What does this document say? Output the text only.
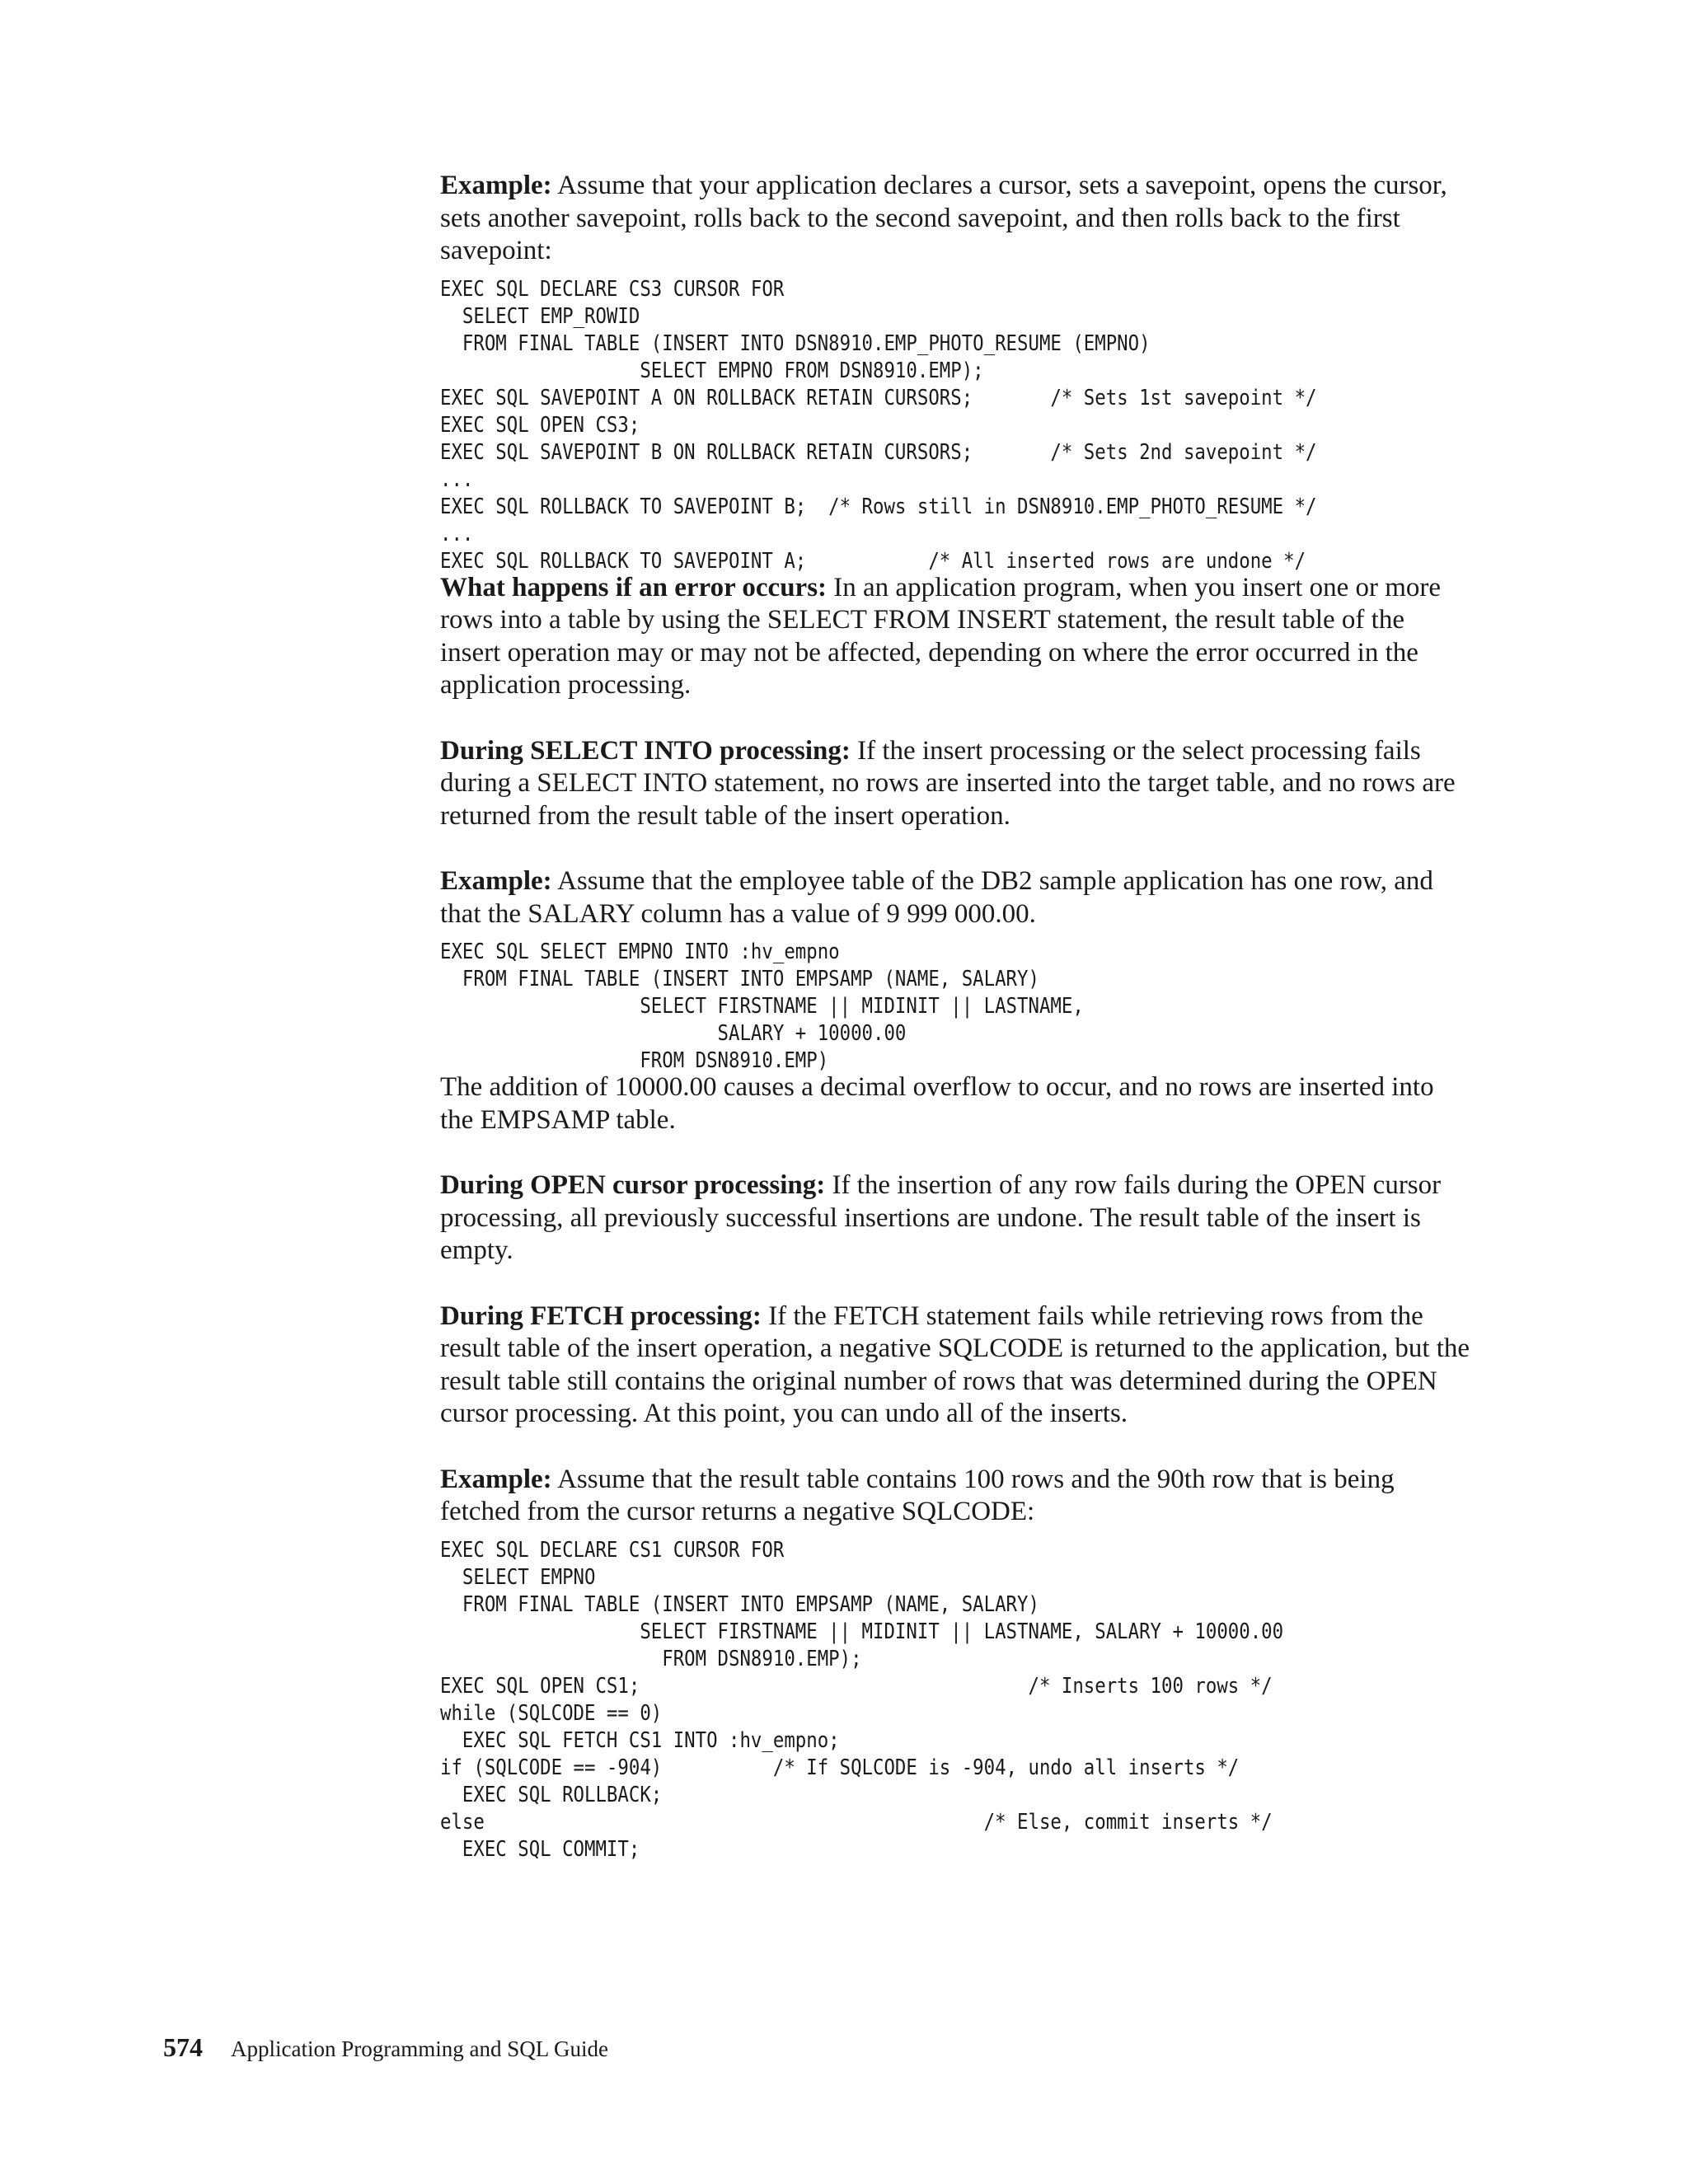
Example: Assume that your application declares a cursor, sets a savepoint, opens the cursor, sets another savepoint, rolls back to the second savepoint, and then rolls back to the first savepoint:

EXEC SQL DECLARE CS3 CURSOR FOR
SELECT EMP_ROWID
FROM FINAL TABLE (INSERT INTO DSN8910.EMP_PHOTO_RESUME (EMPNO)
SELECT EMPNO FROM DSN8910.EMP);
EXEC SQL SAVEPOINT A ON ROLLBACK RETAIN CURSORS;       /* Sets 1st savepoint */
EXEC SQL OPEN CS3;
EXEC SQL SAVEPOINT B ON ROLLBACK RETAIN CURSORS;       /* Sets 2nd savepoint */
...
EXEC SQL ROLLBACK TO SAVEPOINT B;  /* Rows still in DSN8910.EMP_PHOTO_RESUME */
...
EXEC SQL ROLLBACK TO SAVEPOINT A;           /* All inserted rows are undone */

What happens if an error occurs: In an application program, when you insert one or more rows into a table by using the SELECT FROM INSERT statement, the result table of the insert operation may or may not be affected, depending on where the error occurred in the application processing.

During SELECT INTO processing: If the insert processing or the select processing fails during a SELECT INTO statement, no rows are inserted into the target table, and no rows are returned from the result table of the insert operation.

Example: Assume that the employee table of the DB2 sample application has one row, and that the SALARY column has a value of 9 999 000.00.

EXEC SQL SELECT EMPNO INTO :hv_empno
FROM FINAL TABLE (INSERT INTO EMPSAMP (NAME, SALARY)
SELECT FIRSTNAME || MIDINIT || LASTNAME,
SALARY + 10000.00
FROM DSN8910.EMP)

The addition of 10000.00 causes a decimal overflow to occur, and no rows are inserted into the EMPSAMP table.

During OPEN cursor processing: If the insertion of any row fails during the OPEN cursor processing, all previously successful insertions are undone. The result table of the insert is empty.

During FETCH processing: If the FETCH statement fails while retrieving rows from the result table of the insert operation, a negative SQLCODE is returned to the application, but the result table still contains the original number of rows that was determined during the OPEN cursor processing. At this point, you can undo all of the inserts.

Example: Assume that the result table contains 100 rows and the 90th row that is being fetched from the cursor returns a negative SQLCODE:

EXEC SQL DECLARE CS1 CURSOR FOR
SELECT EMPNO
FROM FINAL TABLE (INSERT INTO EMPSAMP (NAME, SALARY)
SELECT FIRSTNAME || MIDINIT || LASTNAME, SALARY + 10000.00
FROM DSN8910.EMP);
EXEC SQL OPEN CS1;                                   /* Inserts 100 rows */
while (SQLCODE == 0)
EXEC SQL FETCH CS1 INTO :hv_empno;
if (SQLCODE == -904)          /* If SQLCODE is -904, undo all inserts */
EXEC SQL ROLLBACK;
else                                             /* Else, commit inserts */
EXEC SQL COMMIT;
574 Application Programming and SQL Guide
